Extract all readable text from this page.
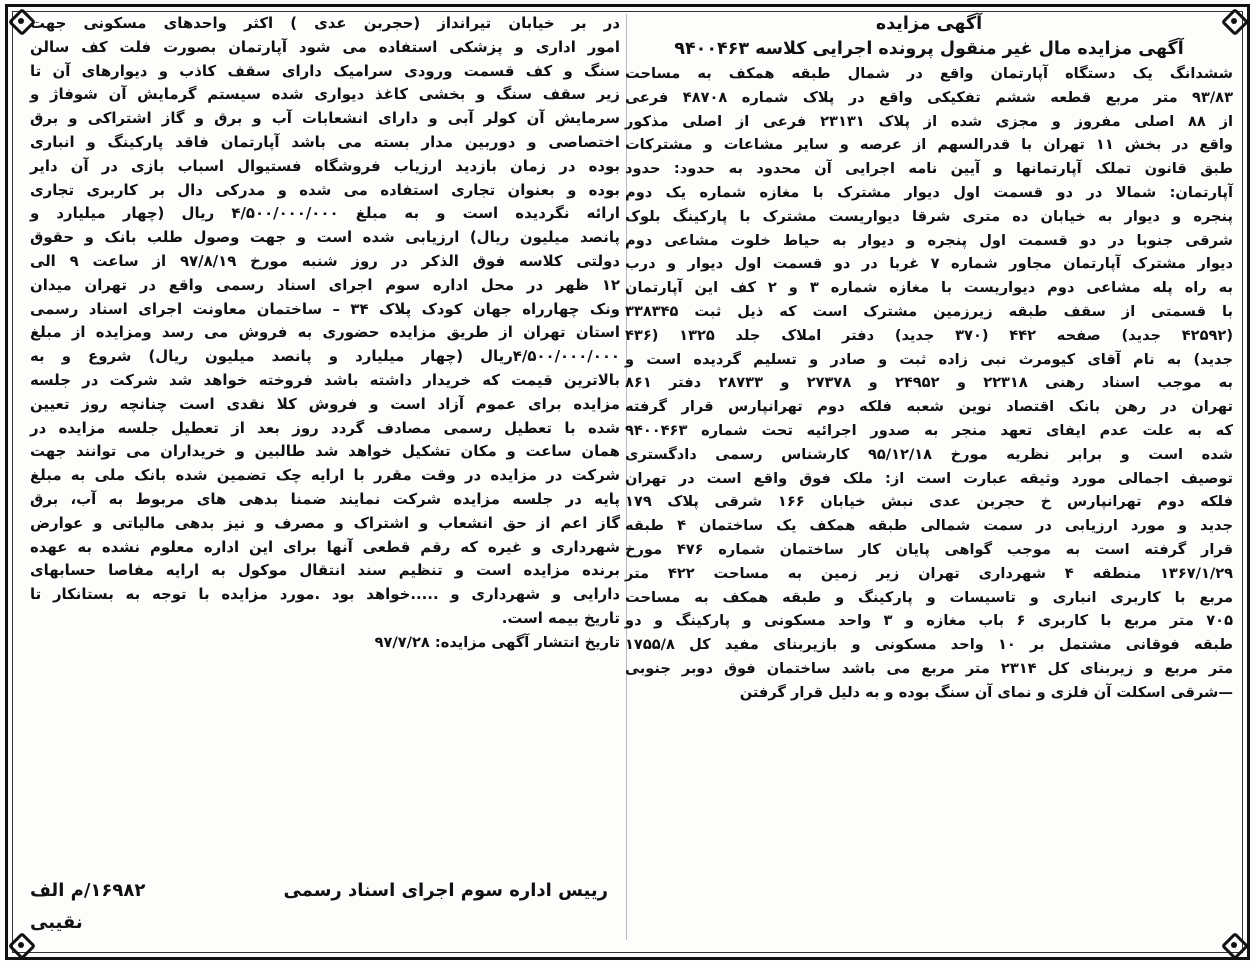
آگهی مزایده
آگهی مزایده مال غیر منقول پرونده اجرایی کلاسه ۹۴۰۰۴۶۳
ششدانگ یک دستگاه آپارتمان واقع در شمال طبقه همکف به مساحت
۹۳/۸۳ متر مربع قطعه ششم تفکیکی واقع در پلاک شماره ۴۸۷۰۸ فرعی
از ۸۸ اصلی مفروز و مجزی شده از پلاک ۲۳۱۳۱ فرعی از اصلی مذکور
واقع در بخش ۱۱ تهران با قدرالسهم از عرصه و سایر مشاعات و مشترکات
طبق قانون تملک آپارتمانها و آیین نامه اجرایی آن محدود به حدود: حدود
آپارتمان: شمالا در دو قسمت اول دیوار مشترک با مغازه شماره یک دوم
پنجره و دیوار به خیابان ده متری شرقا دیواریست مشترک با پارکینگ بلوک
شرقی جنوبا در دو قسمت اول پنجره و دیوار به حیاط خلوت مشاعی دوم
دیوار مشترک آپارتمان مجاور شماره ۷ غربا در دو قسمت اول دیوار و درب
به راه پله مشاعی دوم دیواریست با مغازه شماره ۳ و ۲ کف این آپارتمان
با قسمتی از سقف طبقه زیرزمین مشترک است که ذیل ثبت ۳۳۸۳۴۵
(۴۲۵۹۲ جدید) صفحه ۴۴۲ (۳۷۰ جدید) دفتر املاک جلد ۱۳۲۵ (۴۳۶
جدید) به نام آقای کیومرث نبی زاده ثبت و صادر و تسلیم گردیده است و
به موجب اسناد رهنی ۲۲۳۱۸ و ۲۴۹۵۲ و ۲۷۳۷۸ و ۲۸۷۳۳ دفتر ۸۶۱
تهران در رهن بانک اقتصاد نوین شعبه فلکه دوم تهرانپارس قرار گرفته
که به علت عدم ایفای تعهد منجر به صدور اجرائیه تحت شماره ۹۴۰۰۴۶۳
شده است و برابر نظریه مورخ ۹۵/۱۲/۱۸ کارشناس رسمی دادگستری
توصیف اجمالی مورد وثیقه عبارت است از: ملک فوق واقع است در تهران
فلکه دوم تهرانپارس خ حجربن عدی نبش خیابان ۱۶۶ شرقی پلاک ۱۷۹
جدید و مورد ارزیابی در سمت شمالی طبقه همکف یک ساختمان ۴ طبقه
قرار گرفته است به موجب گواهی پایان کار ساختمان شماره ۴۷۶ مورخ
۱۳۶۷/۱/۲۹ منطقه ۴ شهرداری تهران زیر زمین به مساحت ۴۲۲ متر
مربع با کاربری انباری و تاسیسات و پارکینگ و طبقه همکف به مساحت
۷۰۵ متر مربع با کاربری ۶ باب مغازه و ۳ واحد مسکونی و پارکینگ و دو
طبقه فوقانی مشتمل بر ۱۰ واحد مسکونی و بازیربنای مفید کل ۱۷۵۵/۸
متر مربع و زیربنای کل ۲۳۱۴ متر مربع می باشد ساختمان فوق دوبر جنوبی
—شرقی اسکلت آن فلزی و نمای آن سنگ بوده و به دلیل قرار گرفتن
در بر خیابان تیرانداز (حجربن عدی ) اکثر واحدهای مسکونی جهت
امور اداری و پزشکی استفاده می شود آپارتمان بصورت فلت کف سالن
سنگ و کف قسمت ورودی سرامیک دارای سقف کاذب و دیوارهای آن تا
زیر سقف سنگ و بخشی کاغذ دیواری شده سیستم گرمایش آن شوفاژ و
سرمایش آن کولر آبی و دارای انشعابات آب و برق و گاز اشتراکی و برق
اختصاصی و دوربین مدار بسته می باشد آپارتمان فاقد پارکینگ و انباری
بوده در زمان بازدید ارزیاب فروشگاه فستیوال اسباب بازی در آن دایر
بوده و بعنوان تجاری استفاده می شده و مدرکی دال بر کاربری تجاری
ارائه نگردیده است و به مبلغ ۴/۵۰۰/۰۰۰/۰۰۰ ریال (چهار میلیارد و
پانصد میلیون ریال) ارزیابی شده است و جهت وصول طلب بانک و حقوق
دولتی کلاسه فوق الذکر در روز شنبه مورخ ۹۷/۸/۱۹ از ساعت ۹ الی
۱۲ ظهر در محل اداره سوم اجرای اسناد رسمی واقع در تهران میدان
ونک چهارراه جهان کودک پلاک ۳۴ – ساختمان معاونت اجرای اسناد رسمی
استان تهران از طریق مزایده حضوری به فروش می رسد ومزایده از مبلغ
۴/۵۰۰/۰۰۰/۰۰۰ریال (چهار میلیارد و پانصد میلیون ریال) شروع و به
بالاترین قیمت که خریدار داشته باشد فروخته خواهد شد شرکت در جلسه
مزایده برای عموم آزاد است و فروش کلا نقدی است چنانچه روز تعیین
شده با تعطیل رسمی مصادف گردد روز بعد از تعطیل جلسه مزایده در
همان ساعت و مکان تشکیل خواهد شد طالبین و خریداران می توانند جهت
شرکت در مزایده در وقت مقرر با ارایه چک تضمین شده بانک ملی به مبلغ
پایه در جلسه مزایده شرکت نمایند ضمنا بدهی های مربوط به آب، برق
گاز اعم از حق انشعاب و اشتراک و مصرف و نیز بدهی مالیاتی و عوارض
شهرداری و غیره که رقم قطعی آنها برای این اداره معلوم نشده به عهده
برنده مزایده است و تنظیم سند انتقال موکول به ارایه مفاصا حسابهای
دارایی و شهرداری و .....خواهد بود .مورد مزایده با توجه به بستانکار تا
تاریخ بیمه است.
تاریخ انتشار آگهی مزایده: ۹۷/۷/۲۸
رییس اداره سوم اجرای اسناد رسمی
۱۶۹۸۲/م الف
نقیبی
